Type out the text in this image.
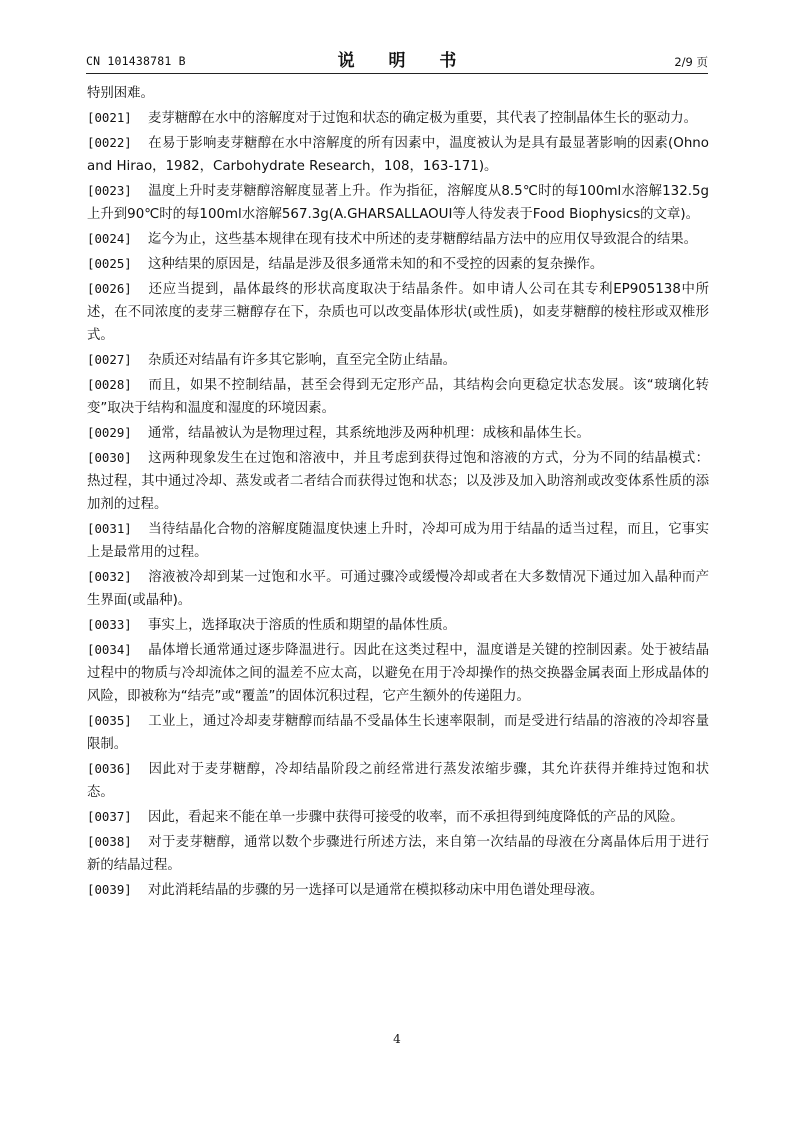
CN 101438781 B	说 明 书	2/9 页

特别困难。

[0021] 麦芽糖醇在水中的溶解度对于过饱和状态的确定极为重要，其代表了控制晶体生长的驱动力。

[0022] 在易于影响麦芽糖醇在水中溶解度的所有因素中，温度被认为是具有最显著影响的因素(Ohno and Hirao，1982，Carbohydrate Research，108，163-171)。

[0023] 温度上升时麦芽糖醇溶解度显著上升。作为指征，溶解度从8.5℃时的每100ml水溶解132.5g上升到90℃时的每100ml水溶解567.3g(A.GHARSALLAOUI等人待发表于Food Biophysics的文章)。

[0024] 迄今为止，这些基本规律在现有技术中所述的麦芽糖醇结晶方法中的应用仅导致混合的结果。

[0025] 这种结果的原因是，结晶是涉及很多通常未知的和不受控的因素的复杂操作。

[0026] 还应当提到，晶体最终的形状高度取决于结晶条件。如申请人公司在其专利EP905138中所述，在不同浓度的麦芽三糖醇存在下，杂质也可以改变晶体形状(或性质)，如麦芽糖醇的棱柱形或双椎形式。

[0027] 杂质还对结晶有许多其它影响，直至完全防止结晶。

[0028] 而且，如果不控制结晶，甚至会得到无定形产品，其结构会向更稳定状态发展。该“玻璃化转变”取决于结构和温度和湿度的环境因素。

[0029] 通常，结晶被认为是物理过程，其系统地涉及两种机理：成核和晶体生长。

[0030] 这两种现象发生在过饱和溶液中，并且考虑到获得过饱和溶液的方式，分为不同的结晶模式：热过程，其中通过冷却、蒸发或者二者结合而获得过饱和状态；以及涉及加入助溶剂或改变体系性质的添加剂的过程。

[0031] 当待结晶化合物的溶解度随温度快速上升时，冷却可成为用于结晶的适当过程，而且，它事实上是最常用的过程。

[0032] 溶液被冷却到某一过饱和水平。可通过骤冷或缓慢冷却或者在大多数情况下通过加入晶种而产生界面(或晶种)。

[0033] 事实上，选择取决于溶质的性质和期望的晶体性质。

[0034] 晶体增长通常通过逐步降温进行。因此在这类过程中，温度谱是关键的控制因素。处于被结晶过程中的物质与冷却流体之间的温差不应太高，以避免在用于冷却操作的热交换器金属表面上形成晶体的风险，即被称为“结壳”或“覆盖”的固体沉积过程，它产生额外的传递阻力。

[0035] 工业上，通过冷却麦芽糖醇而结晶不受晶体生长速率限制，而是受进行结晶的溶液的冷却容量限制。

[0036] 因此对于麦芽糖醇，冷却结晶阶段之前经常进行蒸发浓缩步骤，其允许获得并维持过饱和状态。

[0037] 因此，看起来不能在单一步骤中获得可接受的收率，而不承担得到纯度降低的产品的风险。

[0038] 对于麦芽糖醇，通常以数个步骤进行所述方法，来自第一次结晶的母液在分离晶体后用于进行新的结晶过程。

[0039] 对此消耗结晶的步骤的另一选择可以是通常在模拟移动床中用色谱处理母液。

4
